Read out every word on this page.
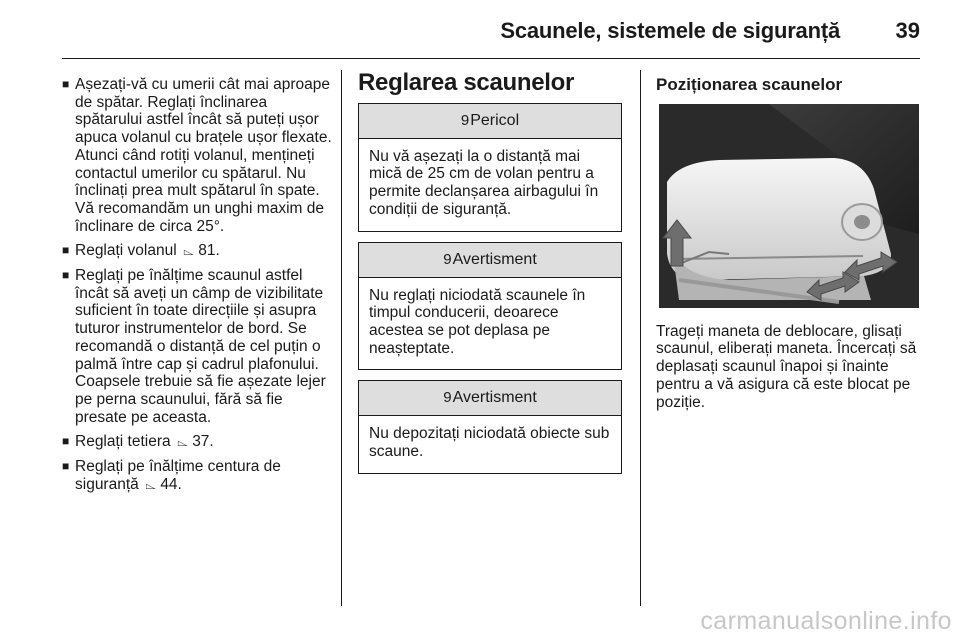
Scaunele, sistemele de siguranță	39
■ Așezați-vă cu umerii cât mai aproape de spătar. Reglați înclinarea spătarului astfel încât să puteți ușor apuca volanul cu brațele ușor flexate. Atunci când rotiți volanul, mențineți contactul umerilor cu spătarul. Nu înclinați prea mult spătarul în spate. Vă recomandăm un unghi maxim de înclinare de circa 25°.
■ Reglați volanul ⌳ 81.
■ Reglați pe înălțime scaunul astfel încât să aveți un câmp de vizibilitate suficient în toate direcțiile și asupra tuturor instrumentelor de bord. Se recomandă o distanță de cel puțin o palmă între cap și cadrul plafonului. Coapsele trebuie să fie așezate lejer pe perna scaunului, fără să fie presate pe aceasta.
■ Reglați tetiera ⌳ 37.
■ Reglați pe înălțime centura de siguranță ⌳ 44.
Reglarea scaunelor
9Pericol
Nu vă așezați la o distanță mai mică de 25 cm de volan pentru a permite declanșarea airbagului în condiții de siguranță.
9Avertisment
Nu reglați niciodată scaunele în timpul conducerii, deoarece acestea se pot deplasa pe neașteptate.
9Avertisment
Nu depozitați niciodată obiecte sub scaune.
Poziționarea scaunelor
Trageți maneta de deblocare, glisați scaunul, eliberați maneta. Încercați să deplasați scaunul înapoi și înainte pentru a vă asigura că este blocat pe poziție.
carmanualsonline.info
